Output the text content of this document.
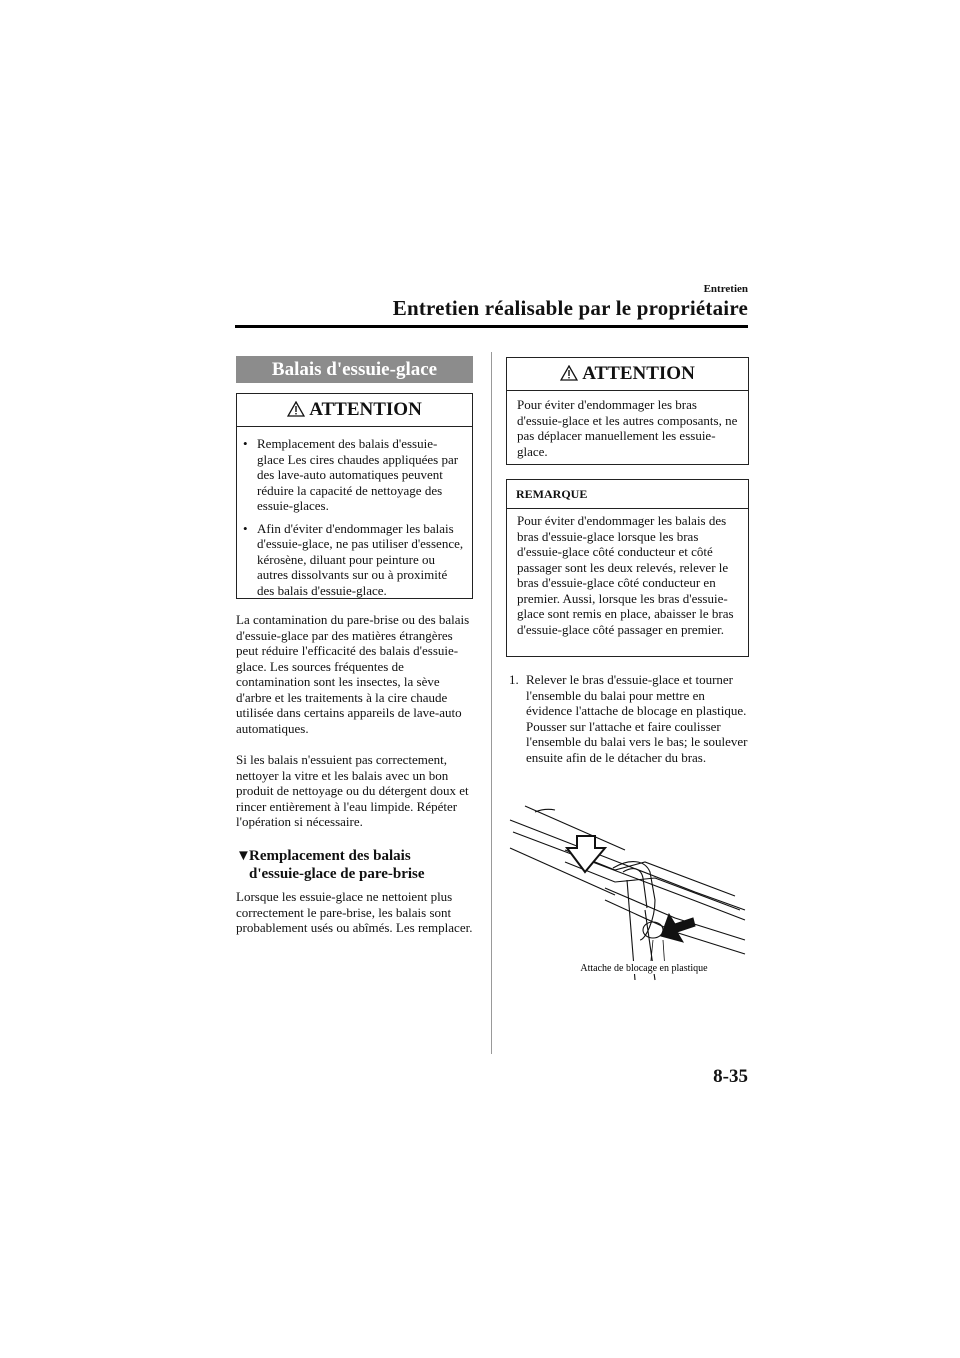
Entretien
Entretien réalisable par le propriétaire
Balais d'essuie-glace
ATTENTION
• Remplacement des balais d'essuie-glace Les cires chaudes appliquées par des lave-auto automatiques peuvent réduire la capacité de nettoyage des essuie-glaces.
• Afin d'éviter d'endommager les balais d'essuie-glace, ne pas utiliser d'essence, kérosène, diluant pour peinture ou autres dissolvants sur ou à proximité des balais d'essuie-glace.
La contamination du pare-brise ou des balais d'essuie-glace par des matières étrangères peut réduire l'efficacité des balais d'essuie-glace. Les sources fréquentes de contamination sont les insectes, la sève d'arbre et les traitements à la cire chaude utilisée dans certains appareils de lave-auto automatiques.
Si les balais n'essuient pas correctement, nettoyer la vitre et les balais avec un bon produit de nettoyage ou du détergent doux et rincer entièrement à l'eau limpide. Répéter l'opération si nécessaire.
▼Remplacement des balais
d'essuie-glace de pare-brise
Lorsque les essuie-glace ne nettoient plus correctement le pare-brise, les balais sont probablement usés ou abîmés. Les remplacer.
ATTENTION
Pour éviter d'endommager les bras d'essuie-glace et les autres composants, ne pas déplacer manuellement les essuie-glace.
REMARQUE
Pour éviter d'endommager les balais des bras d'essuie-glace lorsque les bras d'essuie-glace côté conducteur et côté passager sont les deux relevés, relever le bras d'essuie-glace côté conducteur en premier. Aussi, lorsque les bras d'essuie-glace sont remis en place, abaisser le bras d'essuie-glace côté passager en premier.
1. Relever le bras d'essuie-glace et tourner l'ensemble du balai pour mettre en évidence l'attache de blocage en plastique.
Pousser sur l'attache et faire coulisser l'ensemble du balai vers le bas; le soulever ensuite afin de le détacher du bras.
Attache de blocage en plastique
8-35
